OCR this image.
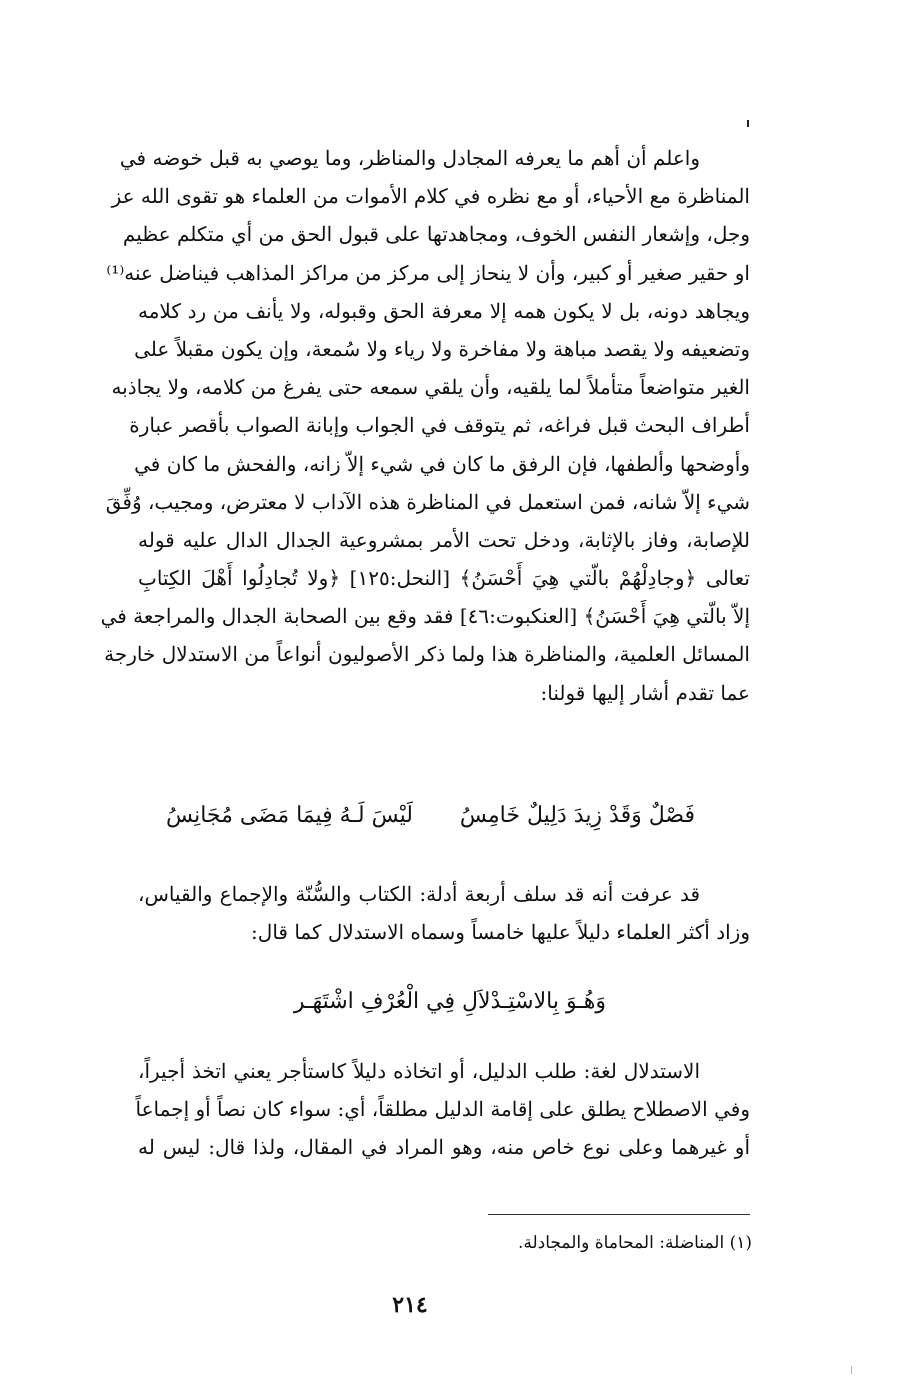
واعلم أن أهم ما يعرفه المجادل والمناظر، وما يوصي به قبل خوضه في
المناظرة مع الأحياء، أو مع نظره في كلام الأموات من العلماء هو تقوى الله عز
وجل، وإشعار النفس الخوف، ومجاهدتها على قبول الحق من أي متكلم عظيم
او حقير صغير أو كبير، وأن لا ينحاز إلى مركز من مراكز المذاهب فيناضل عنه⁽¹⁾
ويجاهد دونه، بل لا يكون همه إلا معرفة الحق وقبوله، ولا يأنف من رد كلامه
وتضعيفه ولا يقصد مباهة ولا مفاخرة ولا رياء ولا سُمعة، وإن يكون مقبلاً على
الغير متواضعاً متأملاً لما يلقيه، وأن يلقي سمعه حتى يفرغ من كلامه، ولا يجاذبه
أطراف البحث قبل فراغه، ثم يتوقف في الجواب وإبانة الصواب بأقصر عبارة
وأوضحها وألطفها، فإن الرفق ما كان في شيء إلاّ زانه، والفحش ما كان في
شيء إلاّ شانه، فمن استعمل في المناظرة هذه الآداب لا معترض، ومجيب، وُفِّقَ
للإصابة، وفاز بالإثابة، ودخل تحت الأمر بمشروعية الجدال الدال عليه قوله
تعالى ﴿وجادِلْهُمْ بالّتي هِيَ أَحْسَنُ﴾ [النحل:١٢٥] ﴿ولا تُجادِلُوا أَهْلَ الكِتابِ
إلاّ بالّتي هِيَ أَحْسَنُ﴾ [العنكبوت:٤٦] فقد وقع بين الصحابة الجدال والمراجعة في
المسائل العلمية، والمناظرة هذا ولما ذكر الأصوليون أنواعاً من الاستدلال خارجة
عما تقدم أشار إليها قولنا:
فَصْلٌ وَقَدْ زِيدَ دَلِيلٌ خَامِسُ
لَيْسَ لَـهُ فِيمَا مَضَى مُجَانِسُ
قد عرفت أنه قد سلف أربعة أدلة: الكتاب والسُّنّة والإجماع والقياس،
وزاد أكثر العلماء دليلاً عليها خامساً وسماه الاستدلال كما قال:
وَهُـوَ بِالاسْتِـدْلاَلِ فِي الْعُرْفِ اشْتَهَـر
الاستدلال لغة: طلب الدليل، أو اتخاذه دليلاً كاستأجر يعني اتخذ أجيراً،
وفي الاصطلاح يطلق على إقامة الدليل مطلقاً، أي: سواء كان نصاً أو إجماعاً
أو غيرهما وعلى نوع خاص منه، وهو المراد في المقال، ولذا قال: ليس له
(١) المناضلة: المحاماة والمجادلة.
٢١٤
